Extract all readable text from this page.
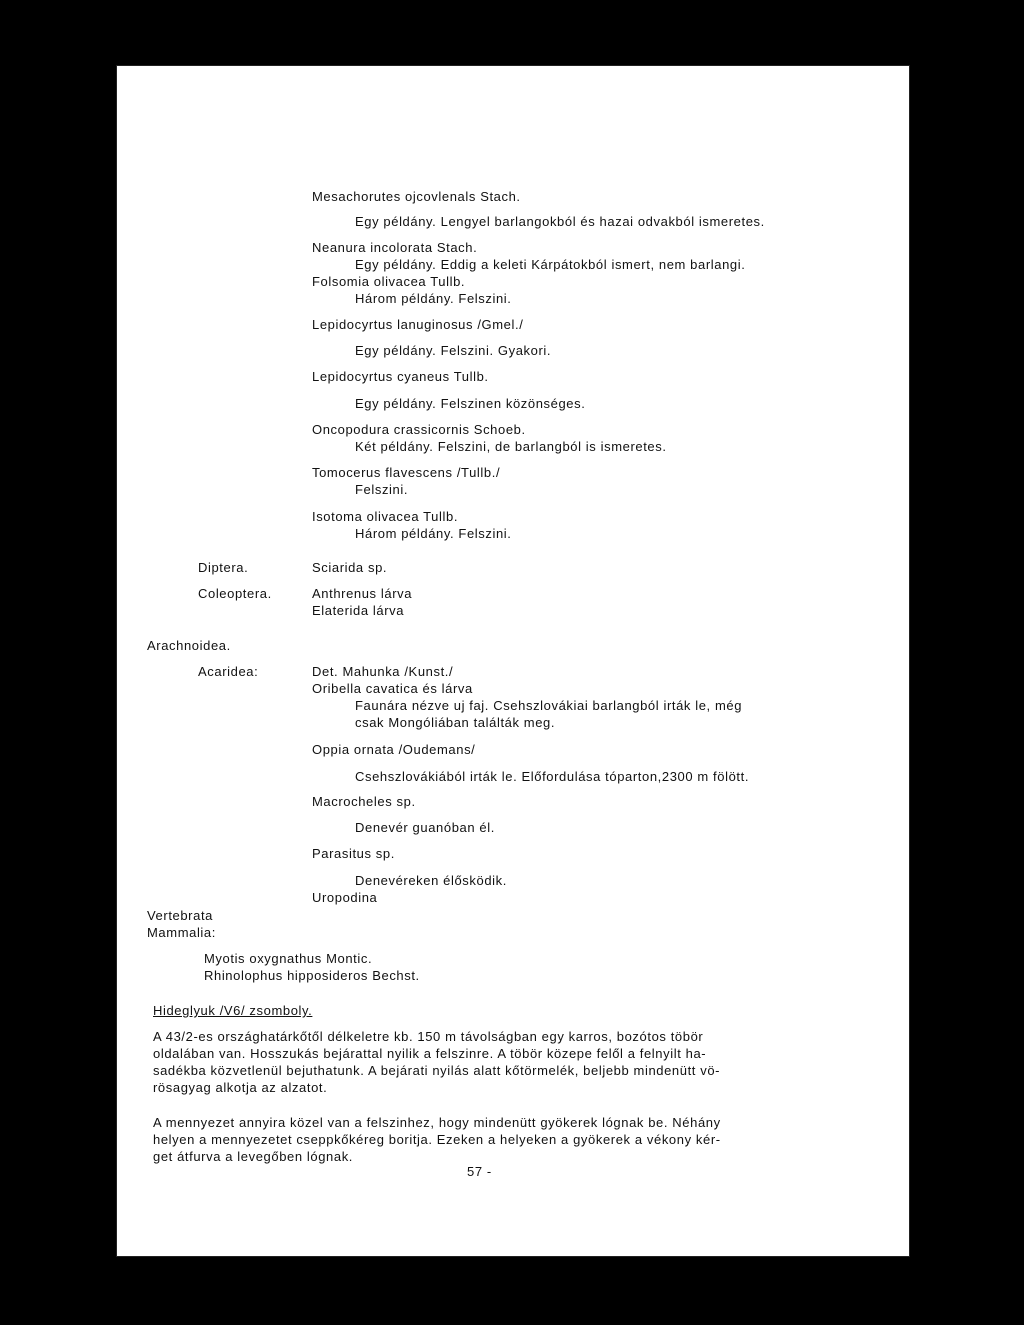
Mesachorutes ojcovlenals Stach.
Egy példány. Lengyel barlangokból és hazai odvakból ismeretes.
Neanura incolorata Stach.
Egy példány. Eddig a keleti Kárpátokból ismert, nem barlangi.
Folsomia olivacea Tullb.
Három példány. Felszini.
Lepidocyrtus lanuginosus /Gmel./
Egy példány. Felszini. Gyakori.
Lepidocyrtus cyaneus Tullb.
Egy példány. Felszinen közönséges.
Oncopodura crassicornis Schoeb.
Két példány. Felszini, de barlangból is ismeretes.
Tomocerus flavescens /Tullb./
Felszini.
Isotoma olivacea Tullb.
Három példány. Felszini.
Diptera.	Sciarida sp.
Coleoptera.	Anthrenus lárva
Elaterida lárva
Arachnoidea.
Acaridea:	Det. Mahunka /Kunst./
Oribella cavatica és lárva
Faunára nézve uj faj. Csehszlovákiai barlangból irták le, még
csak Mongóliában találták meg.
Oppia ornata /Oudemans/
Csehszlovákiából irták le. Előfordulása tóparton,2300 m fölött.
Macrocheles sp.
Denevér guanóban él.
Parasitus sp.
Denevéreken élősködik.
Uropodina
Vertebrata
Mammalia:
Myotis oxygnathus Montic.
Rhinolophus hipposideros Bechst.
Hideglyuk /V6/ zsomboly.
A 43/2-es országhatárkőtől délkeletre kb. 150 m távolságban egy karros, bozótos töbör
oldalában van. Hosszukás bejárattal nyilik a felszinre. A töbör közepe felől a felnyilt ha-
sadékba közvetlenül bejuthatunk. A bejárati nyilás alatt kőtörmelék, beljebb mindenütt vö-
rösagyag alkotja az alzatot.
A mennyezet annyira közel van a felszinhez, hogy mindenütt gyökerek lógnak be. Néhány
helyen a mennyezetet cseppkőkéreg boritja. Ezeken a helyeken a gyökerek a vékony kér-
get átfurva a levegőben lógnak.
57 -
